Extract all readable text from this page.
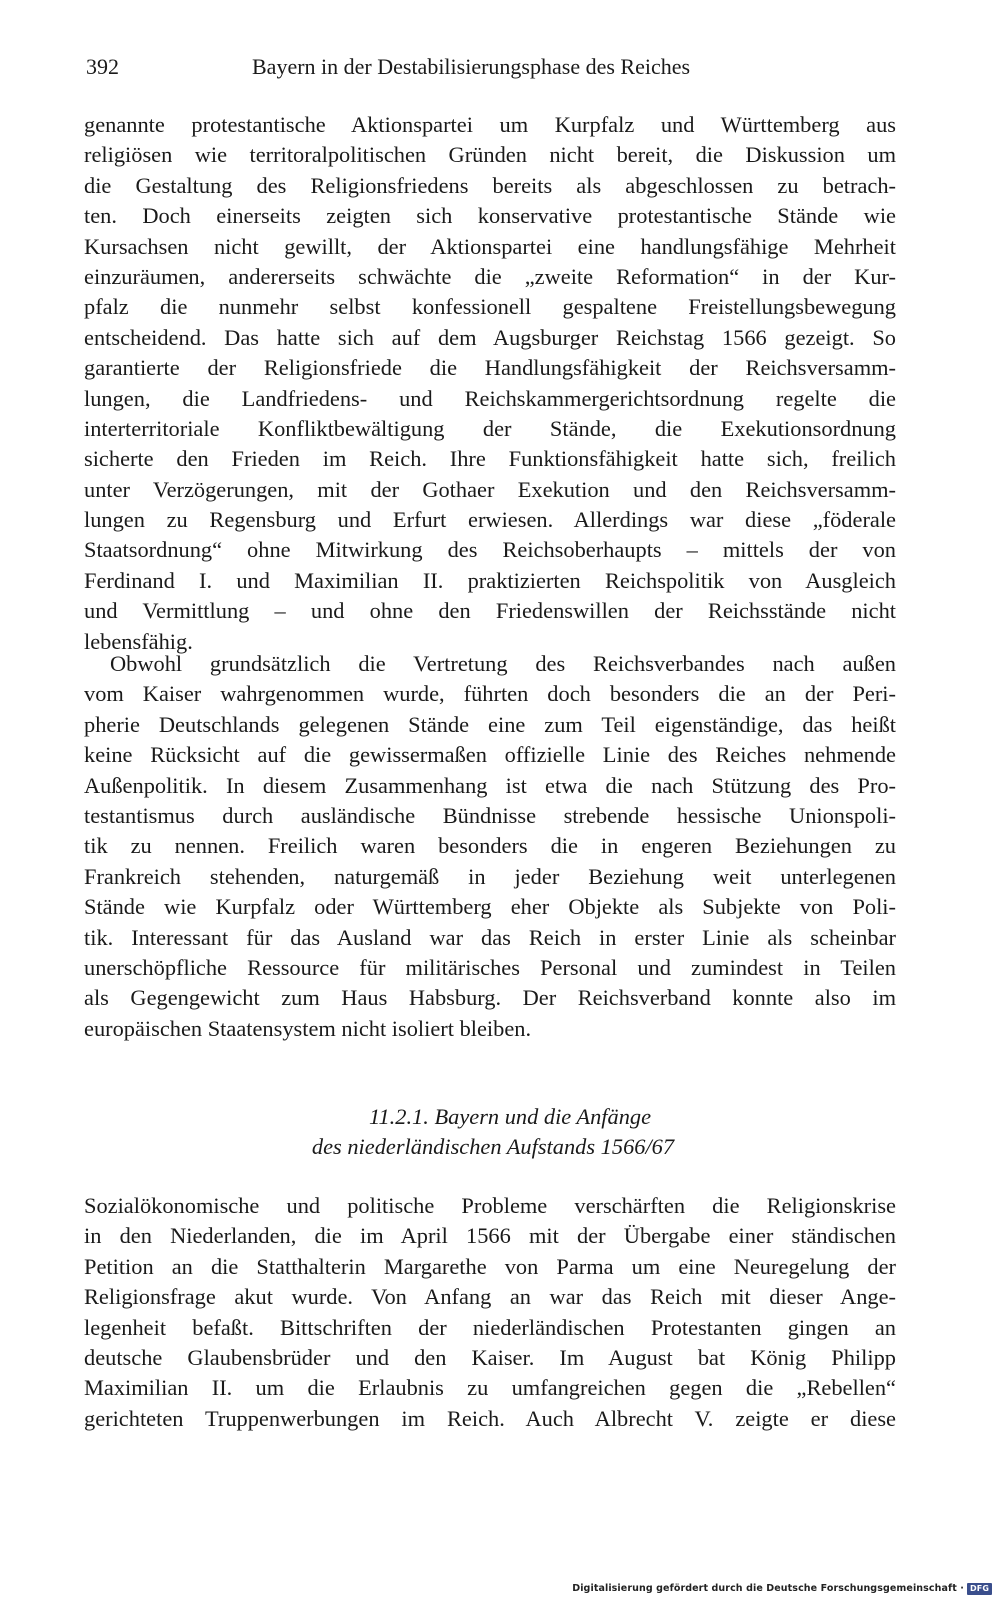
392	Bayern in der Destabilisierungsphase des Reiches
genannte protestantische Aktionspartei um Kurpfalz und Württemberg aus
religiösen wie territoralpolitischen Gründen nicht bereit, die Diskussion um
die Gestaltung des Religionsfriedens bereits als abgeschlossen zu betrach-
ten. Doch einerseits zeigten sich konservative protestantische Stände wie
Kursachsen nicht gewillt, der Aktionspartei eine handlungsfähige Mehrheit
einzuräumen, andererseits schwächte die „zweite Reformation“ in der Kur-
pfalz die nunmehr selbst konfessionell gespaltene Freistellungsbewegung
entscheidend. Das hatte sich auf dem Augsburger Reichstag 1566 gezeigt. So
garantierte der Religionsfriede die Handlungsfähigkeit der Reichsversamm-
lungen, die Landfriedens- und Reichskammergerichtsordnung regelte die
interterritoriale Konfliktbewältigung der Stände, die Exekutionsordnung
sicherte den Frieden im Reich. Ihre Funktionsfähigkeit hatte sich, freilich
unter Verzögerungen, mit der Gothaer Exekution und den Reichsversamm-
lungen zu Regensburg und Erfurt erwiesen. Allerdings war diese „föderale
Staatsordnung“ ohne Mitwirkung des Reichsoberhaupts – mittels der von
Ferdinand I. und Maximilian II. praktizierten Reichspolitik von Ausgleich
und Vermittlung – und ohne den Friedenswillen der Reichsstände nicht
lebensfähig.
Obwohl grundsätzlich die Vertretung des Reichsverbandes nach außen
vom Kaiser wahrgenommen wurde, führten doch besonders die an der Peri-
pherie Deutschlands gelegenen Stände eine zum Teil eigenständige, das heißt
keine Rücksicht auf die gewissermaßen offizielle Linie des Reiches nehmende
Außenpolitik. In diesem Zusammenhang ist etwa die nach Stützung des Pro-
testantismus durch ausländische Bündnisse strebende hessische Unionspoli-
tik zu nennen. Freilich waren besonders die in engeren Beziehungen zu
Frankreich stehenden, naturgemäß in jeder Beziehung weit unterlegenen
Stände wie Kurpfalz oder Württemberg eher Objekte als Subjekte von Poli-
tik. Interessant für das Ausland war das Reich in erster Linie als scheinbar
unerschöpfliche Ressource für militärisches Personal und zumindest in Teilen
als Gegengewicht zum Haus Habsburg. Der Reichsverband konnte also im
europäischen Staatensystem nicht isoliert bleiben.
11.2.1. Bayern und die Anfänge
des niederländischen Aufstands 1566/67
Sozialökonomische und politische Probleme verschärften die Religionskrise
in den Niederlanden, die im April 1566 mit der Übergabe einer ständischen
Petition an die Statthalterin Margarethe von Parma um eine Neuregelung der
Religionsfrage akut wurde. Von Anfang an war das Reich mit dieser Ange-
legenheit befaßt. Bittschriften der niederländischen Protestanten gingen an
deutsche Glaubensbrüder und den Kaiser. Im August bat König Philipp
Maximilian II. um die Erlaubnis zu umfangreichen gegen die „Rebellen“
gerichteten Truppenwerbungen im Reich. Auch Albrecht V. zeigte er diese
Digitalisierung gefördert durch die Deutsche Forschungsgemeinschaft · DFG
